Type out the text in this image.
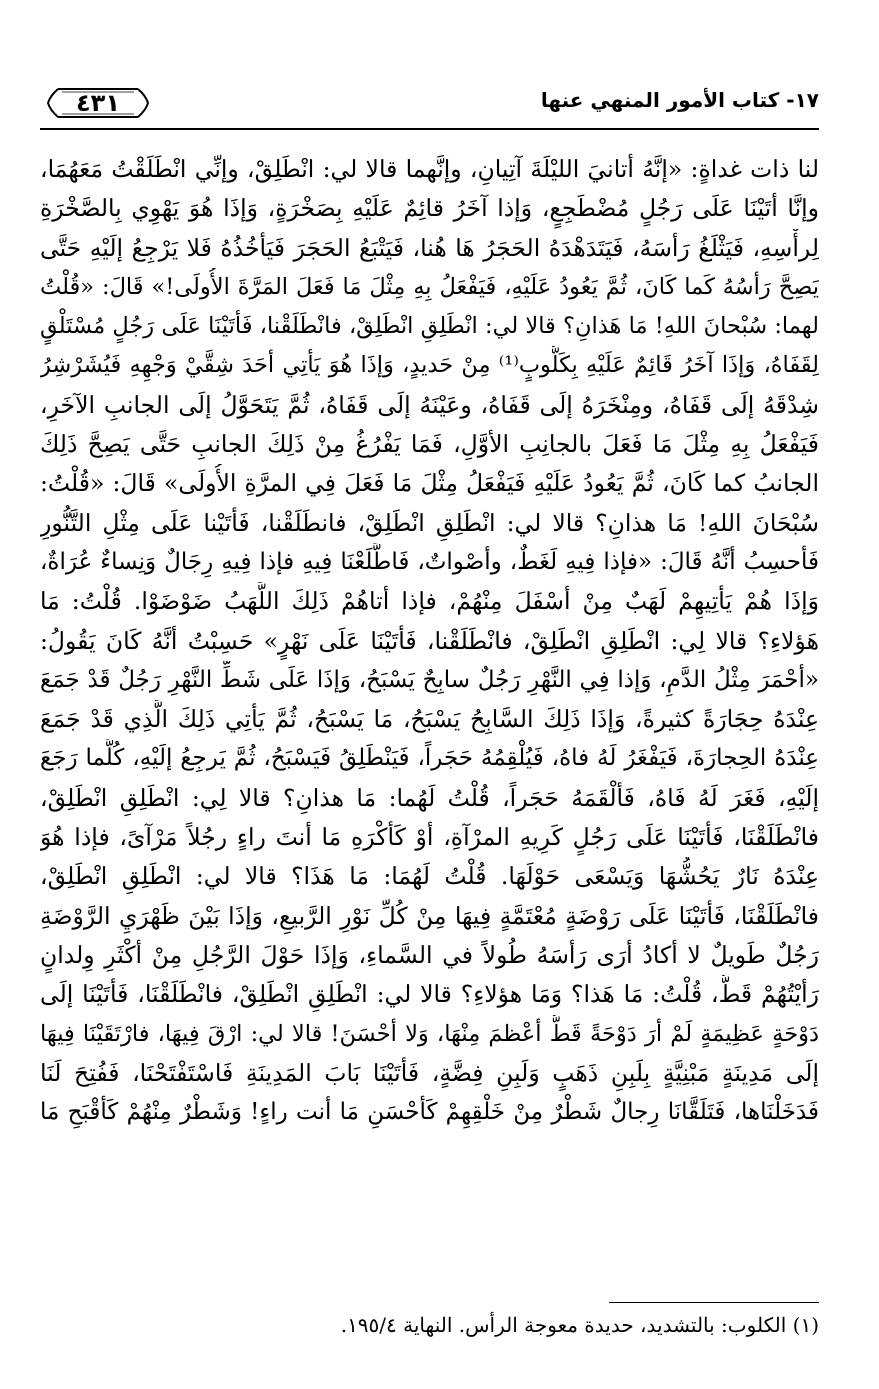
٤٣١	١٧- كتاب الأمور المنهي عنها
لنا ذات غداةٍ: «إنَّهُ أتانيَ الليْلَةَ آتِيانِ، وإنَّهما قالا لي: انْطَلِقْ، وإنِّي انْطَلَقْتُ مَعَهُمَا،
وإنَّا أتَيْنَا عَلَى رَجُلٍ مُضْطَجِعٍ، وَإذا آخَرُ قائِمٌ عَلَيْهِ بِصَخْرَةٍ، وَإذَا هُوَ يَهْوِي بِالصَّخْرَةِ
لِرأْسِهِ، فَيَثْلَغُ رَأسَهُ، فَيَتَدَهْدَهُ الحَجَرُ هَا هُنا، فَيَتْبَعُ الحَجَرَ فَيَأخُذُهُ فَلا يَرْجِعُ إلَيْهِ حَتَّى
يَصِحَّ رَأسُهُ كَما كَانَ، ثُمَّ يَعُودُ عَلَيْهِ، فَيَفْعَلُ بِهِ مِثْلَ مَا فَعَلَ المَرَّةَ الأُولَى!» قَالَ: «قُلْتُ
لهما: سُبْحانَ اللهِ! مَا هَذانِ؟ قالا لي: انْطَلِقِ انْطَلِقْ، فانْطَلَقْنا، فَأتَيْنَا عَلَى رَجُلٍ مُسْتَلْقٍ
لِقَفَاهُ، وَإذَا آخَرُ قَائِمٌ عَلَيْهِ بِكَلُّوبٍ⁽¹⁾ مِنْ حَديدٍ، وَإذَا هُوَ يَأتِي أحَدَ شِقَّيْ وَجْهِهِ فَيُشَرْشِرُ
شِدْقَهُ إلَى قَفَاهُ، ومِنْخَرَهُ إلَى قَفَاهُ، وعَيْنَهُ إلَى قَفَاهُ، ثُمَّ يَتَحَوَّلُ إلَى الجانبِ الآخَرِ،
فَيَفْعَلُ بِهِ مِثْلَ مَا فَعَلَ بالجانِبِ الأوَّلِ، فَمَا يَفْرُغُ مِنْ ذَلِكَ الجانبِ حَتَّى يَصِحَّ ذَلِكَ
الجانبُ كما كَانَ، ثُمَّ يَعُودُ عَلَيْهِ فَيَفْعَلُ مِثْلَ مَا فَعَلَ فِي المرَّةِ الأُولَى» قَالَ: «قُلْتُ:
سُبْحَانَ اللهِ! مَا هذانِ؟ قالا لي: انْطَلِقِ انْطَلِقْ، فانطَلَقْنا، فَأتَيْنا عَلَى مِثْلِ التَّنُّورِ
فَأحسِبُ أنَّهُ قَالَ: «فإذا فِيهِ لَغَطٌ، وأصْواتٌ، فَاطَّلَعْنَا فِيهِ فإذا فِيهِ رِجَالٌ وَنِساءٌ عُرَاةٌ،
وَإذَا هُمْ يَأتِيهِمْ لَهَبٌ مِنْ أسْفَلَ مِنْهُمْ، فإذا أتاهُمْ ذَلِكَ اللَّهَبُ ضَوْضَوْا. قُلْتُ: مَا
هَؤلاءِ؟ قالا لِي: انْطَلِقِ انْطَلِقْ، فانْطَلَقْنا، فَأتَيْنَا عَلَى نَهْرٍ» حَسِبْتُ أنَّهُ كَانَ يَقُولُ:
«أحْمَرَ مِثْلُ الدَّمِ، وَإذا فِي النَّهْرِ رَجُلٌ سابِحٌ يَسْبَحُ، وَإذَا عَلَى شَطِّ النَّهْرِ رَجُلٌ قَدْ جَمَعَ
عِنْدَهُ حِجَارَةً كثيرةً، وَإذَا ذَلِكَ السَّابِحُ يَسْبَحُ، مَا يَسْبَحُ، ثُمَّ يَأتِي ذَلِكَ الَّذِي قَدْ جَمَعَ
عِنْدَهُ الحِجارَةَ، فَيَفْغَرُ لَهُ فاهُ، فَيُلْقِمُهُ حَجَراً، فَيَنْطَلِقُ فَيَسْبَحُ، ثُمَّ يَرجِعُ إلَيْهِ، كُلَّما رَجَعَ
إلَيْهِ، فَغَرَ لَهُ فَاهُ، فَألْقَمَهُ حَجَراً، قُلْتُ لَهُما: مَا هذانِ؟ قالا لِي: انْطَلِقِ انْطَلِقْ،
فانْطَلَقْنَا، فَأتَيْنَا عَلَى رَجُلٍ كَرِيهِ المرْآةِ، أوْ كَأكْرَهِ مَا أنتَ راءٍ رجُلاً مَرْآىً، فإذا هُوَ
عِنْدَهُ نَارٌ يَحُشُّهَا وَيَسْعَى حَوْلَهَا. قُلْتُ لَهُمَا: مَا هَذَا؟ قالا لي: انْطَلِقِ انْطَلِقْ،
فانْطَلَقْنَا، فَأتَيْنَا عَلَى رَوْضَةٍ مُعْتَمَّةٍ فِيهَا مِنْ كُلِّ نَوْرِ الرَّبيعِ، وَإذَا بَيْنَ ظَهْرَيِ الرَّوْضَةِ
رَجُلٌ طَويلٌ لا أكادُ أرَى رَأسَهُ طُولاً في السَّماءِ، وَإذَا حَوْلَ الرَّجُلِ مِنْ أكْثَرِ وِلدانٍ
رَأيْتُهُمْ قَطُّ، قُلْتُ: مَا هَذا؟ وَمَا هؤلاءِ؟ قالا لي: انْطَلِقِ انْطَلِقْ، فانْطَلَقْنَا، فَأتَيْنَا إلَى
دَوْحَةٍ عَظِيمَةٍ لَمْ أرَ دَوْحَةً قَطُّ أعْظمَ مِنْهَا، وَلا أحْسَنَ! قالا لي: ارْقَ فِيهَا، فارْتَقَيْنَا فِيهَا
إلَى مَدِينَةٍ مَبْنِيَّةٍ بِلَبِنِ ذَهَبٍ وَلَبِنِ فِضَّةٍ، فَأتَيْنَا بَابَ المَدِينَةِ فَاسْتَفْتَحْنَا، فَفُتِحَ لَنَا
فَدَخَلْنَاها، فَتَلَقَّانَا رِجالٌ شَطْرٌ مِنْ خَلْقِهِمْ كَأحْسَنِ مَا أنت راءٍ! وَشَطْرٌ مِنْهُمْ كَأقْبَحِ مَا
(١) الكلوب: بالتشديد، حديدة معوجة الرأس. النهاية ١٩٥/٤.
